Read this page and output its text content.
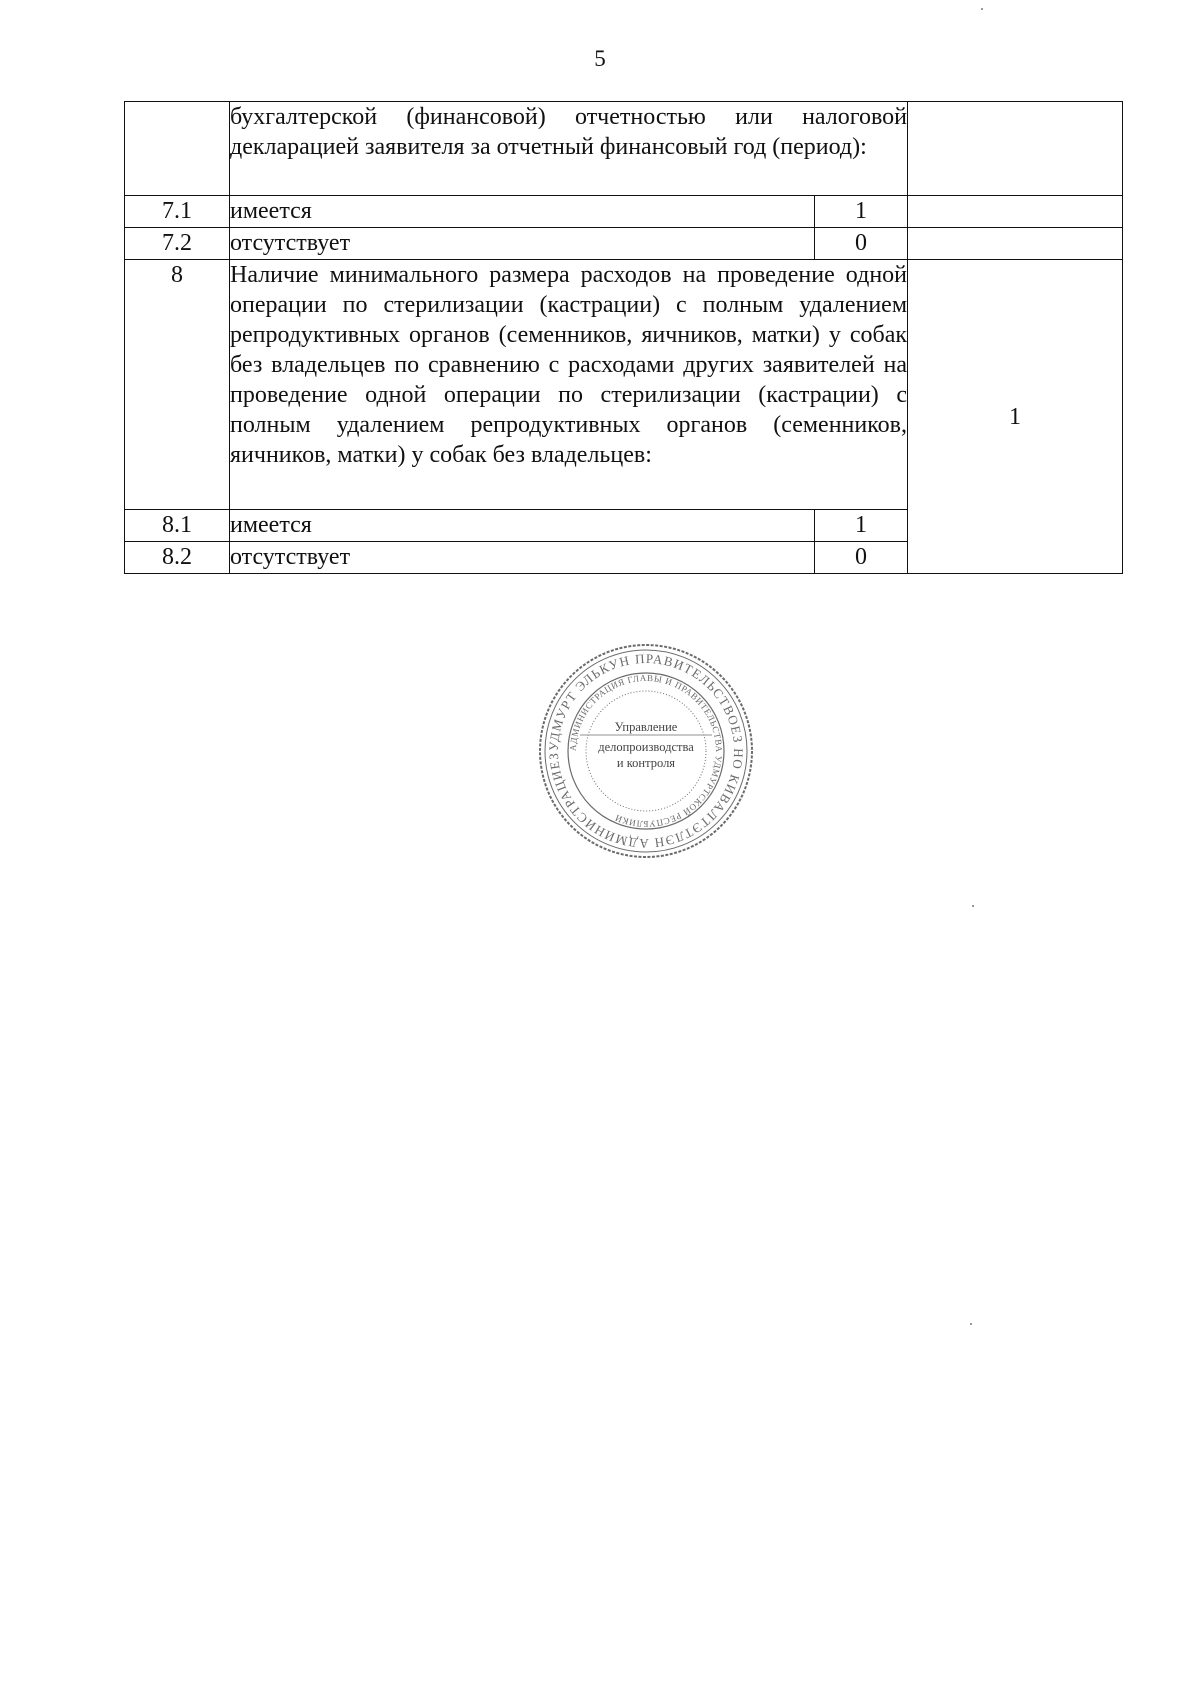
5
	бухгалтерской (финансовой) отчетностью или налоговой декларацией заявителя за отчетный финансовый год (период):		
7.1	имеется	1	
7.2	отсутствует	0	
8	Наличие минимального размера расходов на проведение одной операции по стерилизации (кастрации) с полным удалением репродуктивных органов (семенников, яичников, матки) у собак без владельцев по сравнению с расходами других заявителей на проведение одной операции по стерилизации (кастрации) с полным удалением репродуктивных органов (семенников, яичников, матки) у собак без владельцев:		1
8.1	имеется	1	
8.2	отсутствует	0	
УДМУРТ ЭЛЬКУН ПРАВИТЕЛЬСТВОЕЗ НО КИВАЛТЭТЛЭН АДМИНИСТРАЦИЕЗ
АДМИНИСТРАЦИЯ ГЛАВЫ И ПРАВИТЕЛЬСТВА УДМУРТСКОЙ РЕСПУБЛИКИ
Управление
делопроизводства
и контроля
